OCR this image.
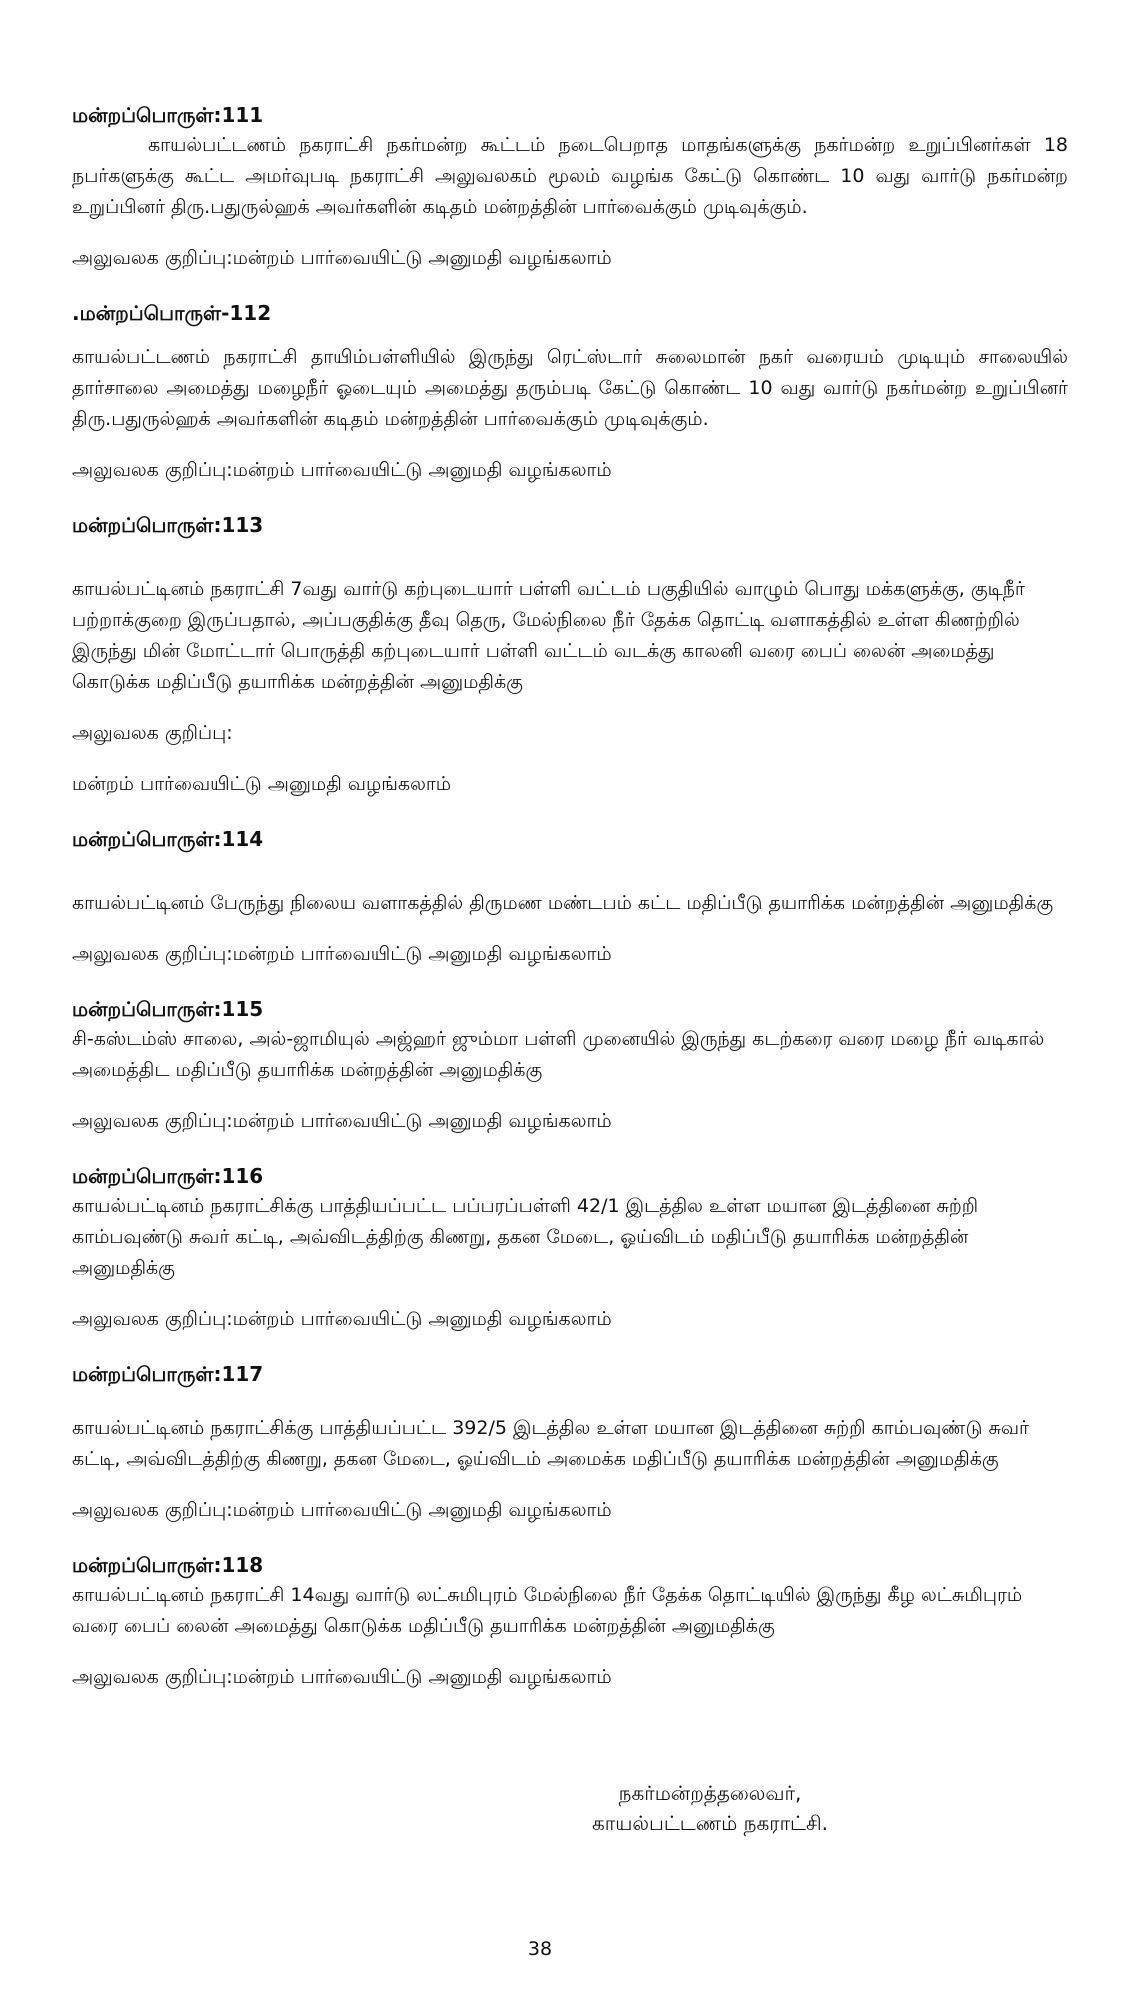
மன்றப்பொருள்:111

காயல்பட்டணம் நகராட்சி நகர்மன்ற கூட்டம் நடைபெறாத மாதங்களுக்கு நகர்மன்ற உறுப்பினர்கள் 18 நபர்களுக்கு கூட்ட அமர்வுபடி நகராட்சி அலுவலகம் மூலம் வழங்க கேட்டு கொண்ட 10 வது வார்டு நகர்மன்ற உறுப்பினர் திரு.பதுருல்ஹக் அவர்களின் கடிதம் மன்றத்தின் பார்வைக்கும் முடிவுக்கும்.

அலுவலக குறிப்பு:மன்றம் பார்வையிட்டு அனுமதி வழங்கலாம்

.மன்றப்பொருள்-112

காயல்பட்டணம் நகராட்சி தாயிம்பள்ளியில் இருந்து ரெட்ஸ்டார் சுலைமான் நகர் வரையம் முடியும் சாலையில் தார்சாலை அமைத்து மழைநீர் ஓடையும் அமைத்து தரும்படி கேட்டு கொண்ட 10 வது வார்டு நகர்மன்ற உறுப்பினர் திரு.பதுருல்ஹக் அவர்களின் கடிதம் மன்றத்தின் பார்வைக்கும் முடிவுக்கும்.

அலுவலக குறிப்பு:மன்றம் பார்வையிட்டு அனுமதி வழங்கலாம்

மன்றப்பொருள்:113

காயல்பட்டினம் நகராட்சி 7வது வார்டு கற்புடையார் பள்ளி வட்டம் பகுதியில் வாழும் பொது மக்களுக்கு, குடிநீர் பற்றாக்குறை இருப்பதால், அப்பகுதிக்கு தீவு தெரு, மேல்நிலை நீர் தேக்க தொட்டி வளாகத்தில் உள்ள கிணற்றில் இருந்து மின் மோட்டார் பொருத்தி கற்புடையார் பள்ளி வட்டம் வடக்கு காலனி வரை பைப் லைன் அமைத்து கொடுக்க மதிப்பீடு தயாரிக்க மன்றத்தின் அனுமதிக்கு

அலுவலக குறிப்பு:

மன்றம் பார்வையிட்டு அனுமதி வழங்கலாம்

மன்றப்பொருள்:114

காயல்பட்டினம் பேருந்து நிலைய வளாகத்தில் திருமண மண்டபம் கட்ட மதிப்பீடு தயாரிக்க மன்றத்தின் அனுமதிக்கு

அலுவலக குறிப்பு:மன்றம் பார்வையிட்டு அனுமதி வழங்கலாம்

மன்றப்பொருள்:115

சி-கஸ்டம்ஸ் சாலை, அல்-ஜாமியுல் அஜ்ஹர் ஜும்மா பள்ளி முனையில் இருந்து கடற்கரை வரை மழை நீர் வடிகால் அமைத்திட மதிப்பீடு தயாரிக்க மன்றத்தின் அனுமதிக்கு

அலுவலக குறிப்பு:மன்றம் பார்வையிட்டு அனுமதி வழங்கலாம்

மன்றப்பொருள்:116

காயல்பட்டினம் நகராட்சிக்கு பாத்தியப்பட்ட பப்பரப்பள்ளி 42/1 இடத்தில உள்ள மயான இடத்தினை சுற்றி காம்பவுண்டு சுவர் கட்டி, அவ்விடத்திற்கு கிணறு, தகன மேடை, ஓய்விடம் மதிப்பீடு தயாரிக்க மன்றத்தின் அனுமதிக்கு

அலுவலக குறிப்பு:மன்றம் பார்வையிட்டு அனுமதி வழங்கலாம்

மன்றப்பொருள்:117

காயல்பட்டினம் நகராட்சிக்கு பாத்தியப்பட்ட 392/5 இடத்தில உள்ள மயான இடத்தினை சுற்றி காம்பவுண்டு சுவர் கட்டி, அவ்விடத்திற்கு கிணறு, தகன மேடை, ஓய்விடம் அமைக்க மதிப்பீடு தயாரிக்க மன்றத்தின் அனுமதிக்கு

அலுவலக குறிப்பு:மன்றம் பார்வையிட்டு அனுமதி வழங்கலாம்

மன்றப்பொருள்:118

காயல்பட்டினம் நகராட்சி 14வது வார்டு லட்சுமிபுரம் மேல்நிலை நீர் தேக்க தொட்டியில் இருந்து கீழ லட்சுமிபுரம் வரை பைப் லைன் அமைத்து கொடுக்க மதிப்பீடு தயாரிக்க மன்றத்தின் அனுமதிக்கு

அலுவலக குறிப்பு:மன்றம் பார்வையிட்டு அனுமதி வழங்கலாம்

நகர்மன்றத்தலைவர்,
காயல்பட்டணம் நகராட்சி.
38
